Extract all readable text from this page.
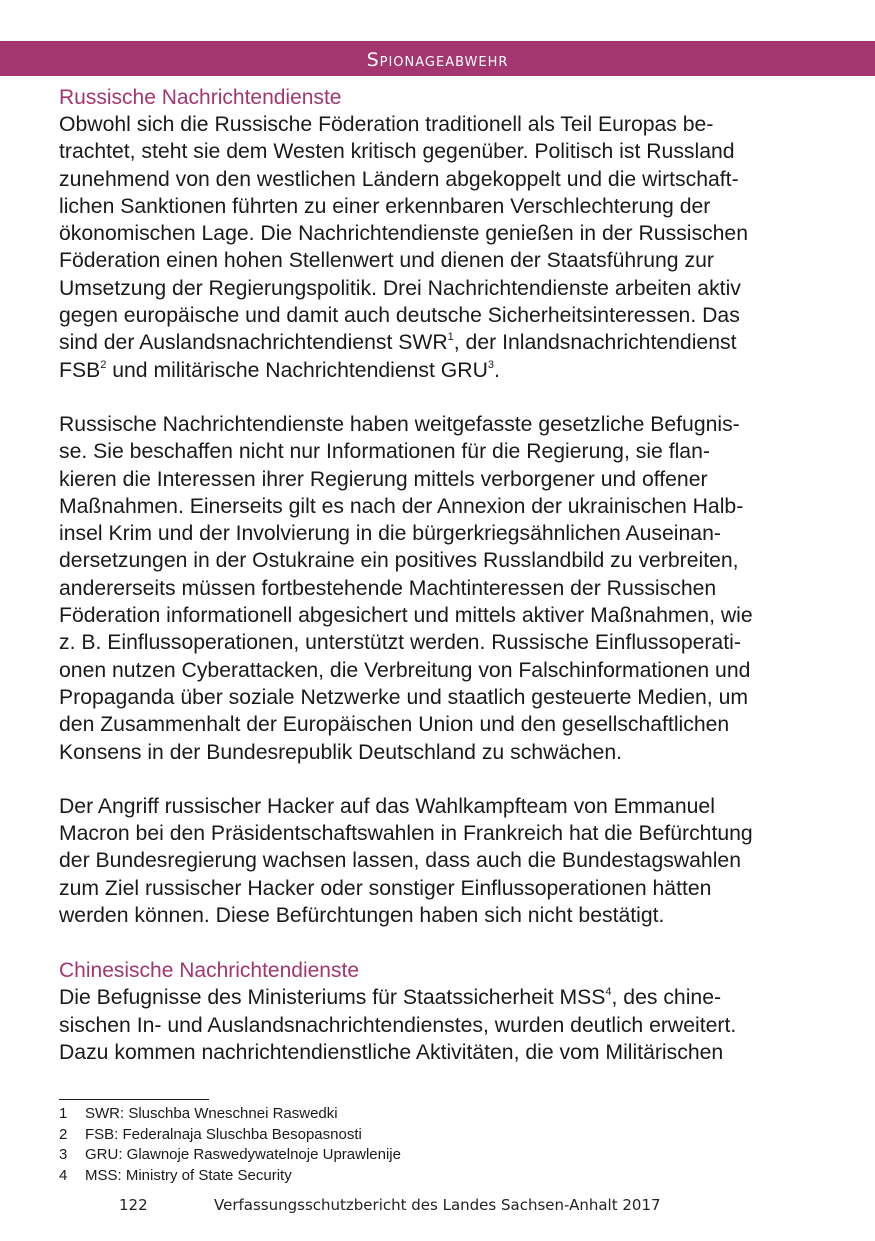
Spionageabwehr
Russische Nachrichtendienste
Obwohl sich die Russische Föderation traditionell als Teil Europas be-
trachtet, steht sie dem Westen kritisch gegenüber. Politisch ist Russland
zunehmend von den westlichen Ländern abgekoppelt und die wirtschaft-
lichen Sanktionen führten zu einer erkennbaren Verschlechterung der
ökonomischen Lage. Die Nachrichtendienste genießen in der Russischen
Föderation einen hohen Stellenwert und dienen der Staatsführung zur
Umsetzung der Regierungspolitik. Drei Nachrichtendienste arbeiten aktiv
gegen europäische und damit auch deutsche Sicherheitsinteressen. Das
sind der Auslandsnachrichtendienst SWR$^1$, der Inlandsnachrichtendienst
FSB$^2$ und militärische Nachrichtendienst GRU$^3$.
Russische Nachrichtendienste haben weitgefasste gesetzliche Befugnis-
se. Sie beschaffen nicht nur Informationen für die Regierung, sie flan-
kieren die Interessen ihrer Regierung mittels verborgener und offener
Maßnahmen. Einerseits gilt es nach der Annexion der ukrainischen Halb-
insel Krim und der Involvierung in die bürgerkriegsähnlichen Auseinan-
dersetzungen in der Ostukraine ein positives Russlandbild zu verbreiten,
andererseits müssen fortbestehende Machtinteressen der Russischen
Föderation informationell abgesichert und mittels aktiver Maßnahmen, wie
z. B. Einflussoperationen, unterstützt werden. Russische Einflussoperati-
onen nutzen Cyberattacken, die Verbreitung von Falschinformationen und
Propaganda über soziale Netzwerke und staatlich gesteuerte Medien, um
den Zusammenhalt der Europäischen Union und den gesellschaftlichen
Konsens in der Bundesrepublik Deutschland zu schwächen.
Der Angriff russischer Hacker auf das Wahlkampfteam von Emmanuel
Macron bei den Präsidentschaftswahlen in Frankreich hat die Befürchtung
der Bundesregierung wachsen lassen, dass auch die Bundestagswahlen
zum Ziel russischer Hacker oder sonstiger Einflussoperationen hätten
werden können. Diese Befürchtungen haben sich nicht bestätigt.
Chinesische Nachrichtendienste
Die Befugnisse des Ministeriums für Staatssicherheit MSS$^4$, des chine-
sischen In- und Auslandsnachrichtendienstes, wurden deutlich erweitert.
Dazu kommen nachrichtendienstliche Aktivitäten, die vom Militärischen
1	SWR: Sluschba Wneschnei Raswedki
2	FSB: Federalnaja Sluschba Besopasnosti
3	GRU: Glawnoje Raswedywatelnoje Uprawlenije
4	MSS: Ministry of State Security
122	Verfassungsschutzbericht des Landes Sachsen-Anhalt 2017
